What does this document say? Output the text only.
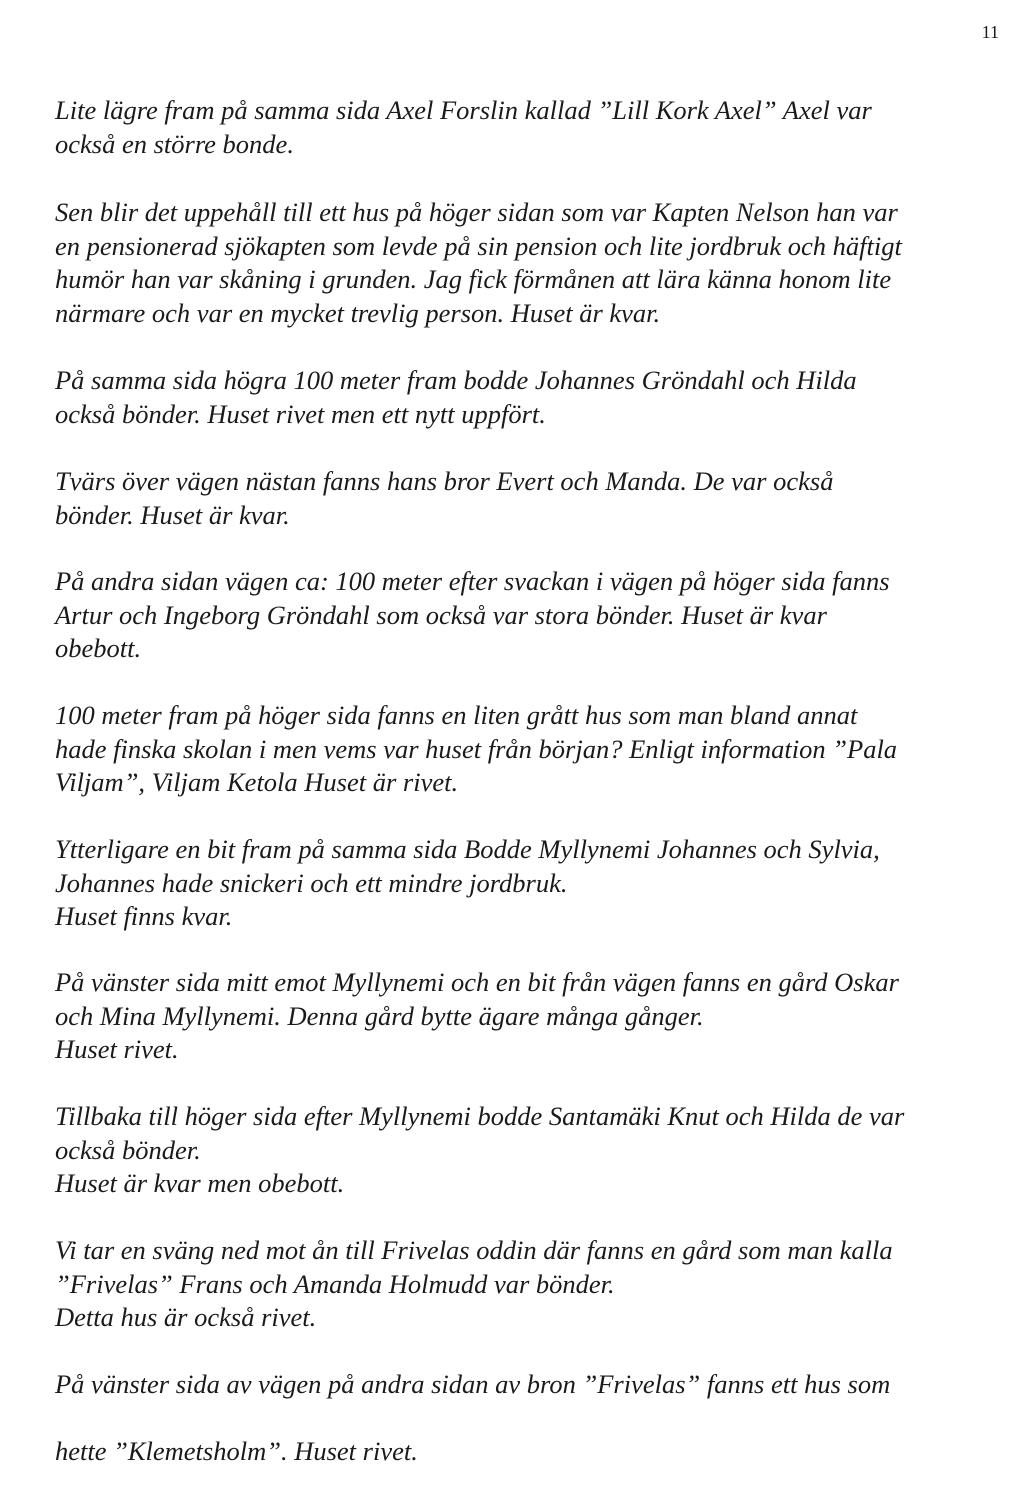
11
Lite lägre fram på samma sida Axel Forslin kallad ”Lill Kork Axel” Axel var
också en större bonde.
Sen blir det uppehåll till ett hus på höger sidan som var Kapten Nelson han var
en pensionerad sjökapten som levde på sin pension och lite jordbruk och häftigt
humör han var skåning i grunden. Jag fick förmånen att lära känna honom lite
närmare och var en mycket trevlig person. Huset är kvar.
På samma sida högra 100 meter fram bodde Johannes Gröndahl och Hilda
också bönder. Huset rivet men ett nytt uppfört.
Tvärs över vägen nästan fanns hans bror Evert och Manda. De var också
bönder. Huset är kvar.
På andra sidan vägen ca: 100 meter efter svackan i vägen på höger sida fanns
Artur och Ingeborg Gröndahl som också var stora bönder. Huset är kvar
obebott.
100 meter fram på höger sida fanns en liten grått hus som man bland annat
hade finska skolan i men vems var huset från början? Enligt information ”Pala
Viljam”, Viljam Ketola Huset är rivet.
Ytterligare en bit fram på samma sida Bodde Myllynemi Johannes och Sylvia,
Johannes hade snickeri och ett mindre jordbruk.
Huset finns kvar.
På vänster sida mitt emot Myllynemi och en bit från vägen fanns en gård Oskar
och Mina Myllynemi. Denna gård bytte ägare många gånger.
Huset rivet.
Tillbaka till höger sida efter Myllynemi bodde Santamäki Knut och Hilda de var
också bönder.
Huset är kvar men obebott.
Vi tar en sväng ned mot ån till Frivelas oddin där fanns en gård som man kalla
”Frivelas” Frans och Amanda Holmudd var bönder.
Detta hus är också rivet.
På vänster sida av vägen på andra sidan av bron ”Frivelas” fanns ett hus som
hette ”Klemetsholm”. Huset rivet.
